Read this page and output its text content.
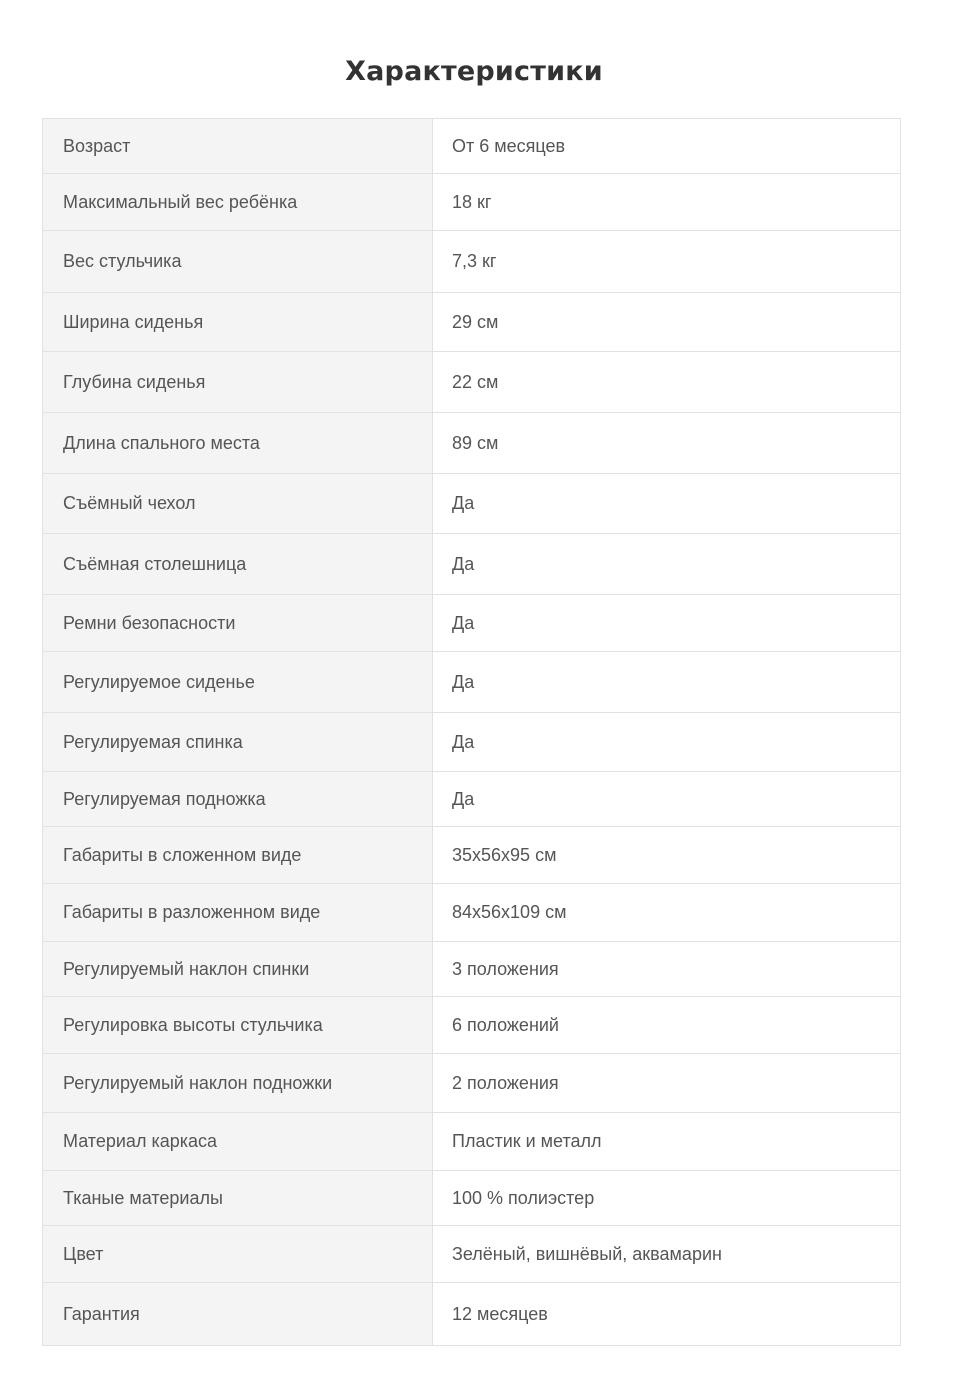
Характеристики
Возраст	От 6 месяцев
Максимальный вес ребёнка	18 кг
Вес стульчика	7,3 кг
Ширина сиденья	29 см
Глубина сиденья	22 см
Длина спального места	89 см
Съёмный чехол	Да
Съёмная столешница	Да
Ремни безопасности	Да
Регулируемое сиденье	Да
Регулируемая спинка	Да
Регулируемая подножка	Да
Габариты в сложенном виде	35x56x95 см
Габариты в разложенном виде	84x56x109 см
Регулируемый наклон спинки	3 положения
Регулировка высоты стульчика	6 положений
Регулируемый наклон подножки	2 положения
Материал каркаса	Пластик и металл
Тканые материалы	100 % полиэстер
Цвет	Зелёный, вишнёвый, аквамарин
Гарантия	12 месяцев
